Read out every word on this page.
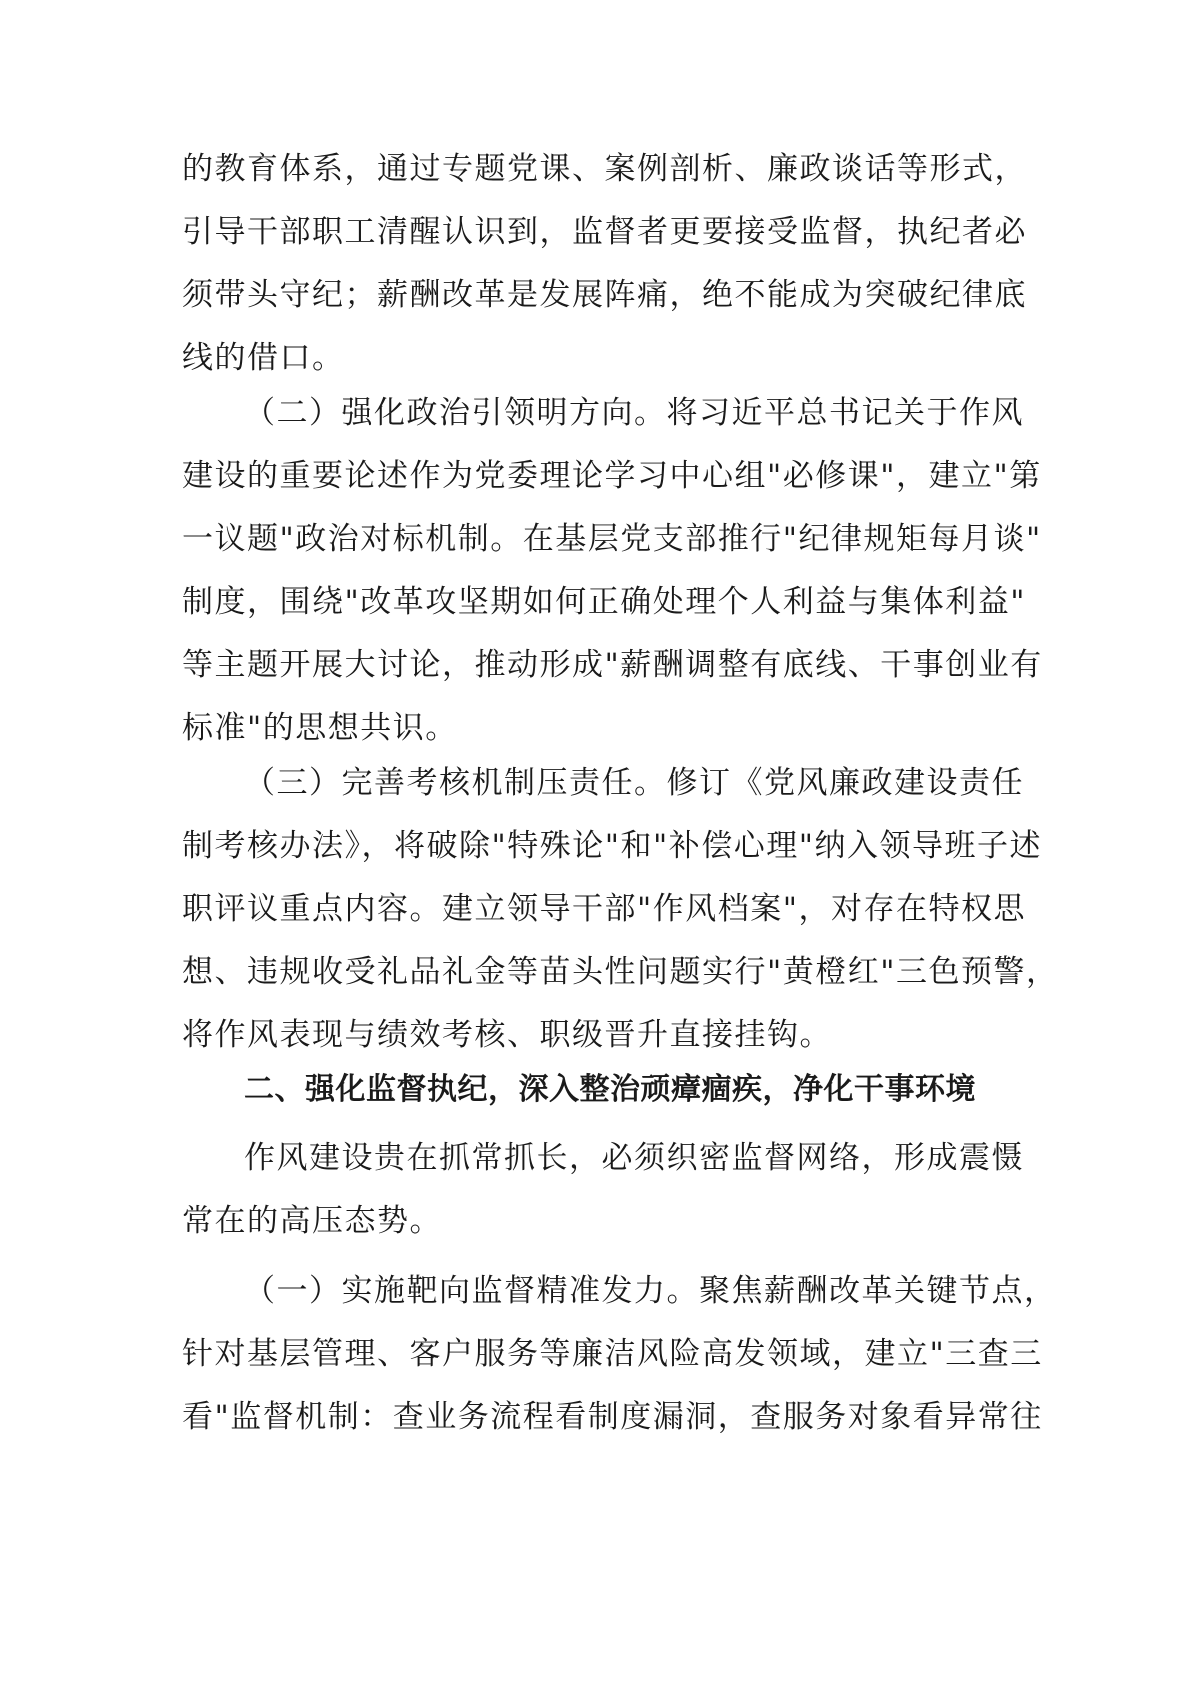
的教育体系，通过专题党课、案例剖析、廉政谈话等形式，
引导干部职工清醒认识到，监督者更要接受监督，执纪者必
须带头守纪；薪酬改革是发展阵痛，绝不能成为突破纪律底
线的借口。
（二）强化政治引领明方向。将习近平总书记关于作风
建设的重要论述作为党委理论学习中心组"必修课"，建立"第
一议题"政治对标机制。在基层党支部推行"纪律规矩每月谈"
制度，围绕"改革攻坚期如何正确处理个人利益与集体利益"
等主题开展大讨论，推动形成"薪酬调整有底线、干事创业有
标准"的思想共识。
（三）完善考核机制压责任。修订《党风廉政建设责任
制考核办法》，将破除"特殊论"和"补偿心理"纳入领导班子述
职评议重点内容。建立领导干部"作风档案"，对存在特权思
想、违规收受礼品礼金等苗头性问题实行"黄橙红"三色预警，
将作风表现与绩效考核、职级晋升直接挂钩。
二、强化监督执纪，深入整治顽瘴痼疾，净化干事环境
作风建设贵在抓常抓长，必须织密监督网络，形成震慑
常在的高压态势。
（一）实施靶向监督精准发力。聚焦薪酬改革关键节点，
针对基层管理、客户服务等廉洁风险高发领域，建立"三查三
看"监督机制：查业务流程看制度漏洞，查服务对象看异常往
